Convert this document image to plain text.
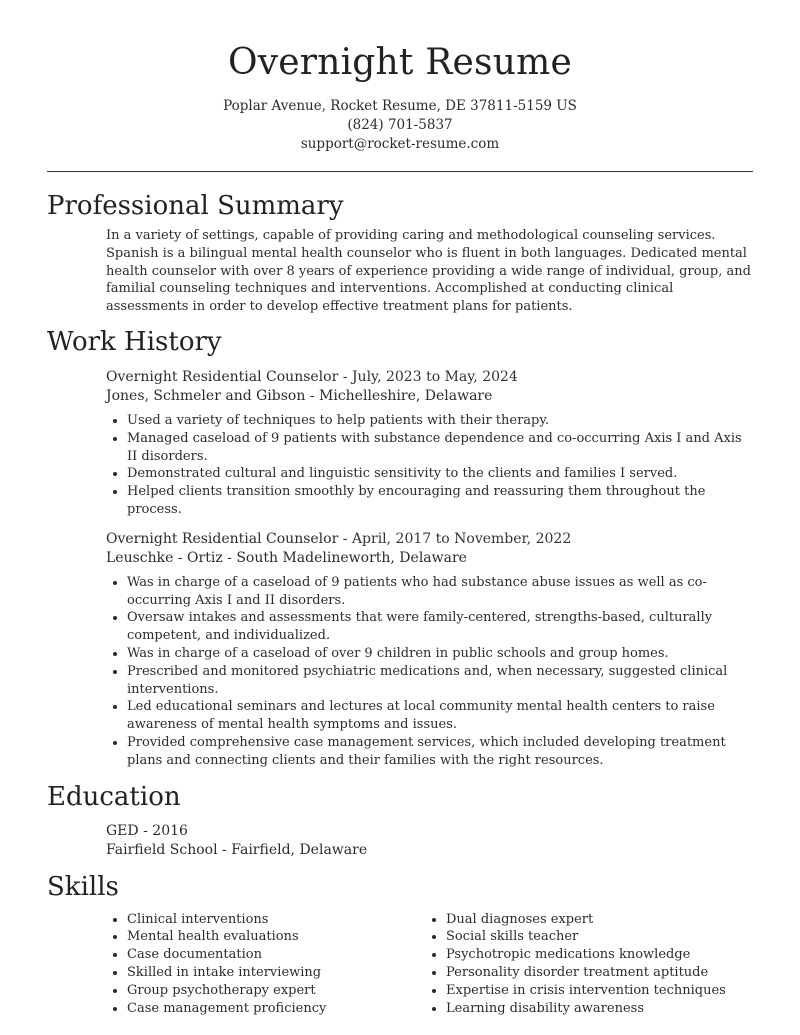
Overnight Resume
Poplar Avenue, Rocket Resume, DE 37811-5159 US
(824) 701-5837
support@rocket-resume.com
Professional Summary
In a variety of settings, capable of providing caring and methodological counseling services. Spanish is a bilingual mental health counselor who is fluent in both languages. Dedicated mental health counselor with over 8 years of experience providing a wide range of individual, group, and familial counseling techniques and interventions. Accomplished at conducting clinical assessments in order to develop effective treatment plans for patients.
Work History
Overnight Residential Counselor - July, 2023 to May, 2024
Jones, Schmeler and Gibson - Michelleshire, Delaware
• Used a variety of techniques to help patients with their therapy.
• Managed caseload of 9 patients with substance dependence and co-occurring Axis I and Axis II disorders.
• Demonstrated cultural and linguistic sensitivity to the clients and families I served.
• Helped clients transition smoothly by encouraging and reassuring them throughout the process.
Overnight Residential Counselor - April, 2017 to November, 2022
Leuschke - Ortiz - South Madelineworth, Delaware
• Was in charge of a caseload of 9 patients who had substance abuse issues as well as co-occurring Axis I and II disorders.
• Oversaw intakes and assessments that were family-centered, strengths-based, culturally competent, and individualized.
• Was in charge of a caseload of over 9 children in public schools and group homes.
• Prescribed and monitored psychiatric medications and, when necessary, suggested clinical interventions.
• Led educational seminars and lectures at local community mental health centers to raise awareness of mental health symptoms and issues.
• Provided comprehensive case management services, which included developing treatment plans and connecting clients and their families with the right resources.
Education
GED - 2016
Fairfield School - Fairfield, Delaware
Skills
• Clinical interventions
• Mental health evaluations
• Case documentation
• Skilled in intake interviewing
• Group psychotherapy expert
• Case management proficiency
• Dual diagnoses expert
• Social skills teacher
• Psychotropic medications knowledge
• Personality disorder treatment aptitude
• Expertise in crisis intervention techniques
• Learning disability awareness
